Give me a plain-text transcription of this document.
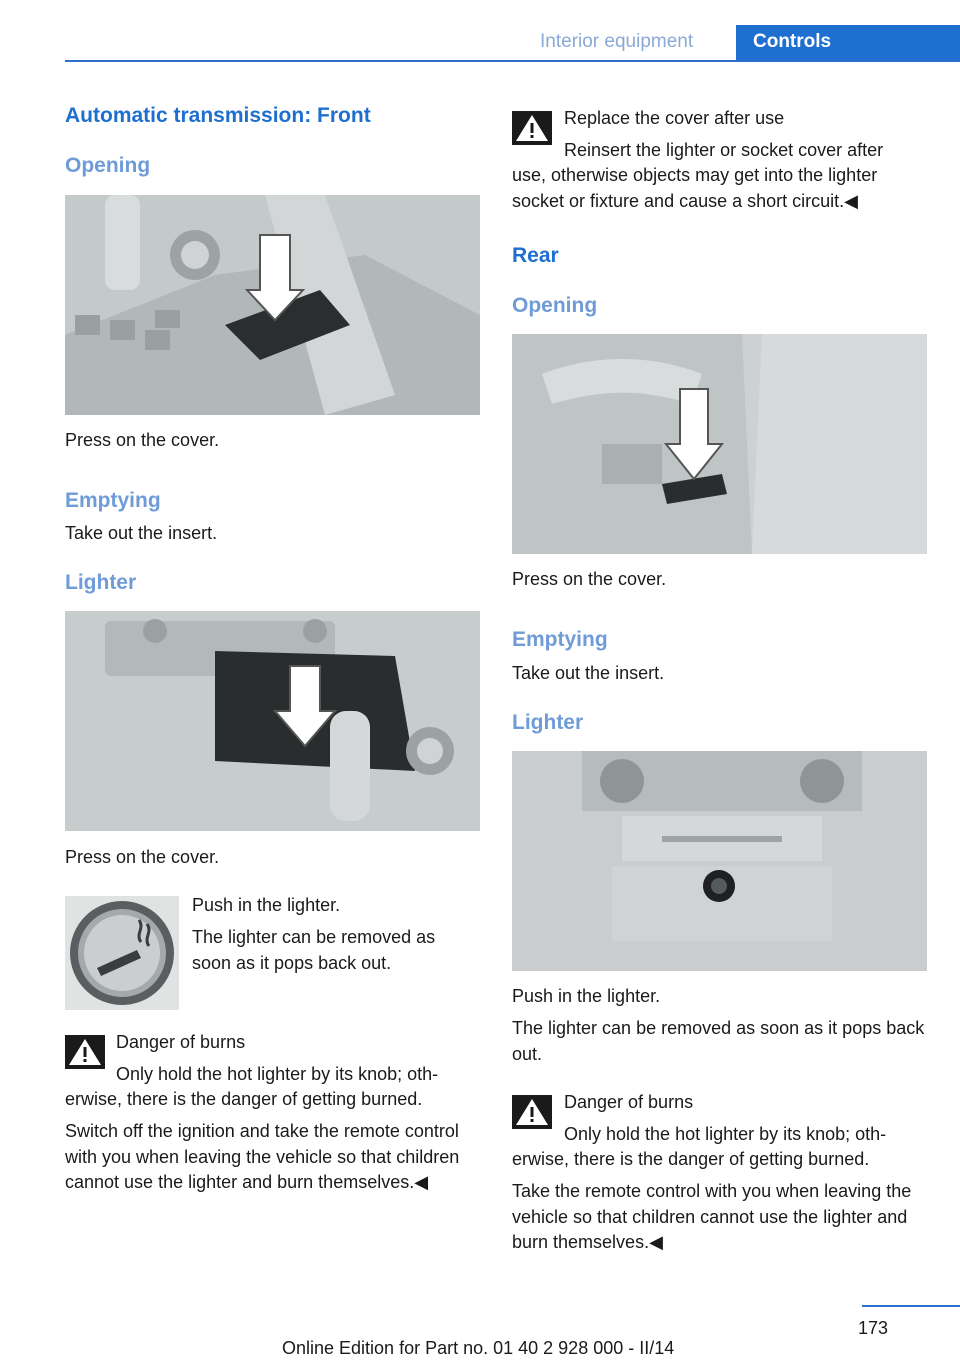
Interior equipment	Controls
Automatic transmission: Front
Opening
Press on the cover.
Emptying
Take out the insert.
Lighter
Press on the cover.
Push in the lighter.
The lighter can be removed as soon as it pops back out.
Danger of burns
Only hold the hot lighter by its knob; oth-
erwise, there is the danger of getting burned.
Switch off the ignition and take the remote control with you when leaving the vehicle so that children cannot use the lighter and burn themselves.◀
Replace the cover after use
Reinsert the lighter or socket cover after
use, otherwise objects may get into the lighter socket or fixture and cause a short circuit.◀
Rear
Opening
Press on the cover.
Emptying
Take out the insert.
Lighter
Push in the lighter.
The lighter can be removed as soon as it pops back out.
Danger of burns
Only hold the hot lighter by its knob; oth-
erwise, there is the danger of getting burned.
Take the remote control with you when leaving the vehicle so that children cannot use the lighter and burn themselves.◀
173
Online Edition for Part no. 01 40 2 928 000 - II/14
